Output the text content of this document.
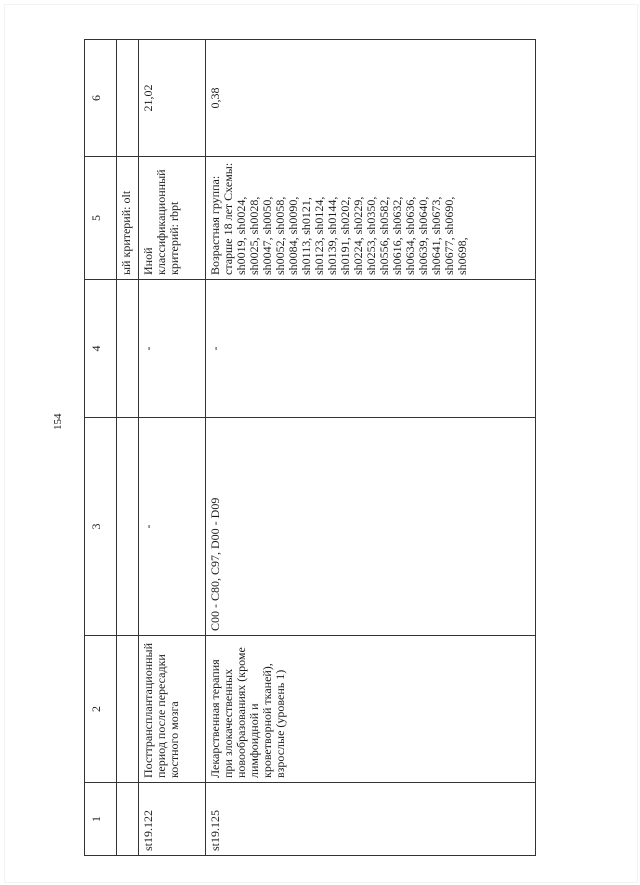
154
1	2	3	4	5	6
				ый критерий: olt	
st19.122	Посттрансплантационный период после пересадки костного мозга	-	-	Иной классификационный критерий: rbpt	21,02
st19.125	Лекарственная терапия при злокачественных новообразованиях (кроме лимфоидной и кроветворной тканей), взрослые (уровень 1)	C00 - C80, C97, D00 - D09	-	Возрастная группа: старше 18 лет Схемы: sh0019, sh0024, sh0025, sh0028, sh0047, sh0050, sh0052, sh0058, sh0084, sh0090, sh0113, sh0121, sh0123, sh0124, sh0139, sh0144, sh0191, sh0202, sh0224, sh0229, sh0253, sh0350, sh0556, sh0582, sh0616, sh0632, sh0634, sh0636, sh0639, sh0640, sh0641, sh0673, sh0677, sh0690, sh0698,	0,38
